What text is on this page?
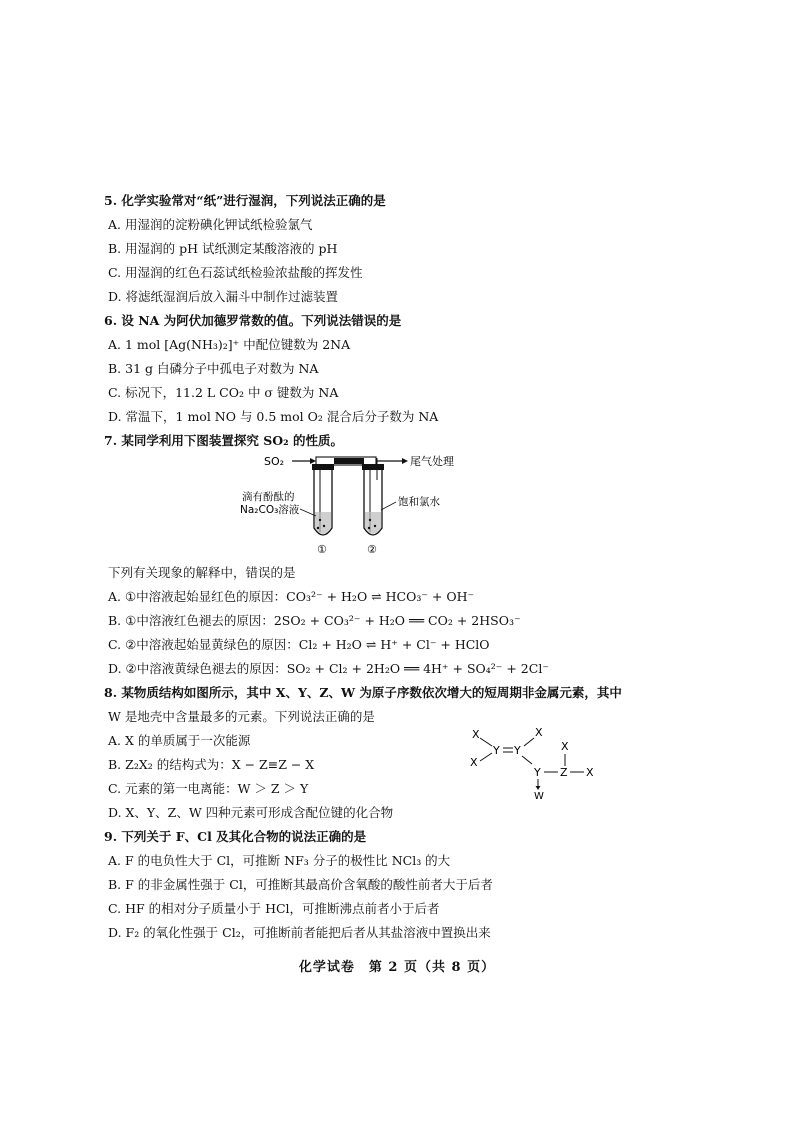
5. 化学实验常对“纸”进行湿润，下列说法正确的是
A. 用湿润的淀粉碘化钾试纸检验氯气
B. 用湿润的 pH 试纸测定某酸溶液的 pH
C. 用湿润的红色石蕊试纸检验浓盐酸的挥发性
D. 将滤纸湿润后放入漏斗中制作过滤装置
6. 设 NA 为阿伏加德罗常数的值。下列说法错误的是
A. 1 mol [Ag(NH₃)₂]⁺ 中配位键数为 2NA
B. 31 g 白磷分子中孤电子对数为 NA
C. 标况下，11.2 L CO₂ 中 σ 键数为 NA
D. 常温下，1 mol NO 与 0.5 mol O₂ 混合后分子数为 NA
7. 某同学利用下图装置探究 SO₂ 的性质。
SO₂	尾气处理
滴有酚酞的
Na₂CO₃溶液
饱和氯水
①	②
下列有关现象的解释中，错误的是
A. ①中溶液起始显红色的原因：CO₃²⁻ + H₂O ⇌ HCO₃⁻ + OH⁻
B. ①中溶液红色褪去的原因：2SO₂ + CO₃²⁻ + H₂O ══ CO₂ + 2HSO₃⁻
C. ②中溶液起始显黄绿色的原因：Cl₂ + H₂O ⇌ H⁺ + Cl⁻ + HClO
D. ②中溶液黄绿色褪去的原因：SO₂ + Cl₂ + 2H₂O ══ 4H⁺ + SO₄²⁻ + 2Cl⁻
8. 某物质结构如图所示，其中 X、Y、Z、W 为原子序数依次增大的短周期非金属元素，其中
W 是地壳中含量最多的元素。下列说法正确的是
A. X 的单质属于一次能源
B. Z₂X₂ 的结构式为：X − Z≡Z − X
C. 元素的第一电离能：W ＞ Z ＞ Y
D. X、Y、Z、W 四种元素可形成含配位键的化合物
X
X
Y Y
X
Y Z
X
X
W
9. 下列关于 F、Cl 及其化合物的说法正确的是
A. F 的电负性大于 Cl，可推断 NF₃ 分子的极性比 NCl₃ 的大
B. F 的非金属性强于 Cl，可推断其最高价含氧酸的酸性前者大于后者
C. HF 的相对分子质量小于 HCl，可推断沸点前者小于后者
D. F₂ 的氧化性强于 Cl₂，可推断前者能把后者从其盐溶液中置换出来
化学试卷　第 2 页（共 8 页）
